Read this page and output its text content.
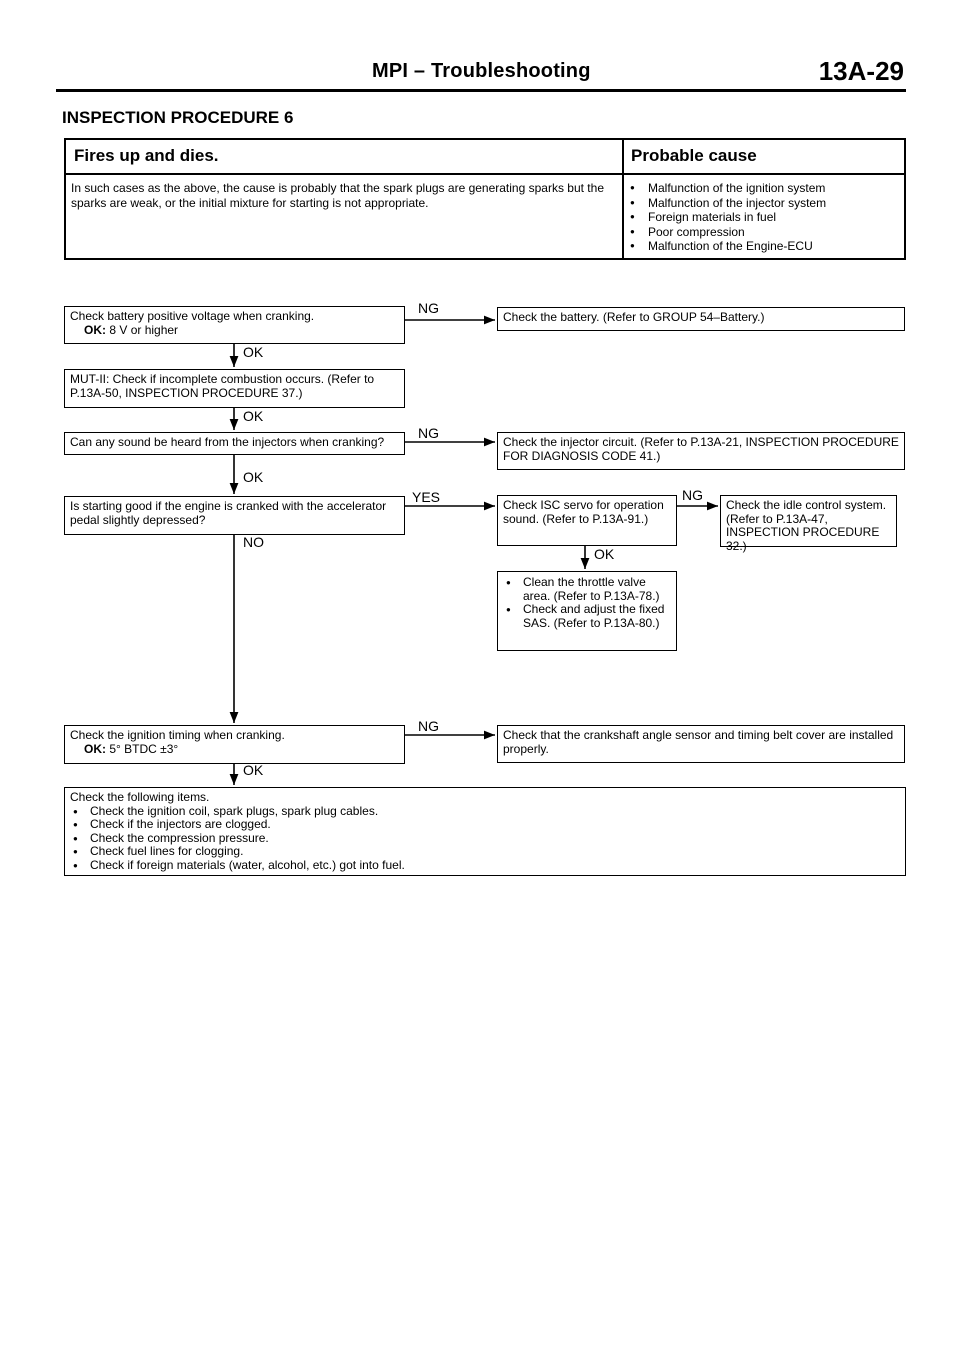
MPI – Troubleshooting	13A-29
INSPECTION PROCEDURE 6
Fires up and dies.	Probable cause
In such cases as the above, the cause is probably that the spark plugs are generating sparks but the sparks are weak, or the initial mixture for starting is not appropriate.
● Malfunction of the ignition system
● Malfunction of the injector system
● Foreign materials in fuel
● Poor compression
● Malfunction of the Engine-ECU
Check battery positive voltage when cranking.
OK: 8 V or higher
NG
Check the battery. (Refer to GROUP 54–Battery.)
OK
MUT-II: Check if incomplete combustion occurs. (Refer to P.13A-50, INSPECTION PROCEDURE 37.)
OK
Can any sound be heard from the injectors when cranking?
NG
Check the injector circuit. (Refer to P.13A-21, INSPECTION PROCEDURE FOR DIAGNOSIS CODE 41.)
OK
Is starting good if the engine is cranked with the accelerator pedal slightly depressed?
YES
NO
Check ISC servo for operation sound. (Refer to P.13A-91.)
NG
Check the idle control system. (Refer to P.13A-47, INSPECTION PROCEDURE 32.)
OK
● Clean the throttle valve area. (Refer to P.13A-78.)
● Check and adjust the fixed SAS. (Refer to P.13A-80.)
Check the ignition timing when cranking.
OK: 5° BTDC ±3°
NG
Check that the crankshaft angle sensor and timing belt cover are installed properly.
OK
Check the following items.
● Check the ignition coil, spark plugs, spark plug cables.
● Check if the injectors are clogged.
● Check the compression pressure.
● Check fuel lines for clogging.
● Check if foreign materials (water, alcohol, etc.) got into fuel.
